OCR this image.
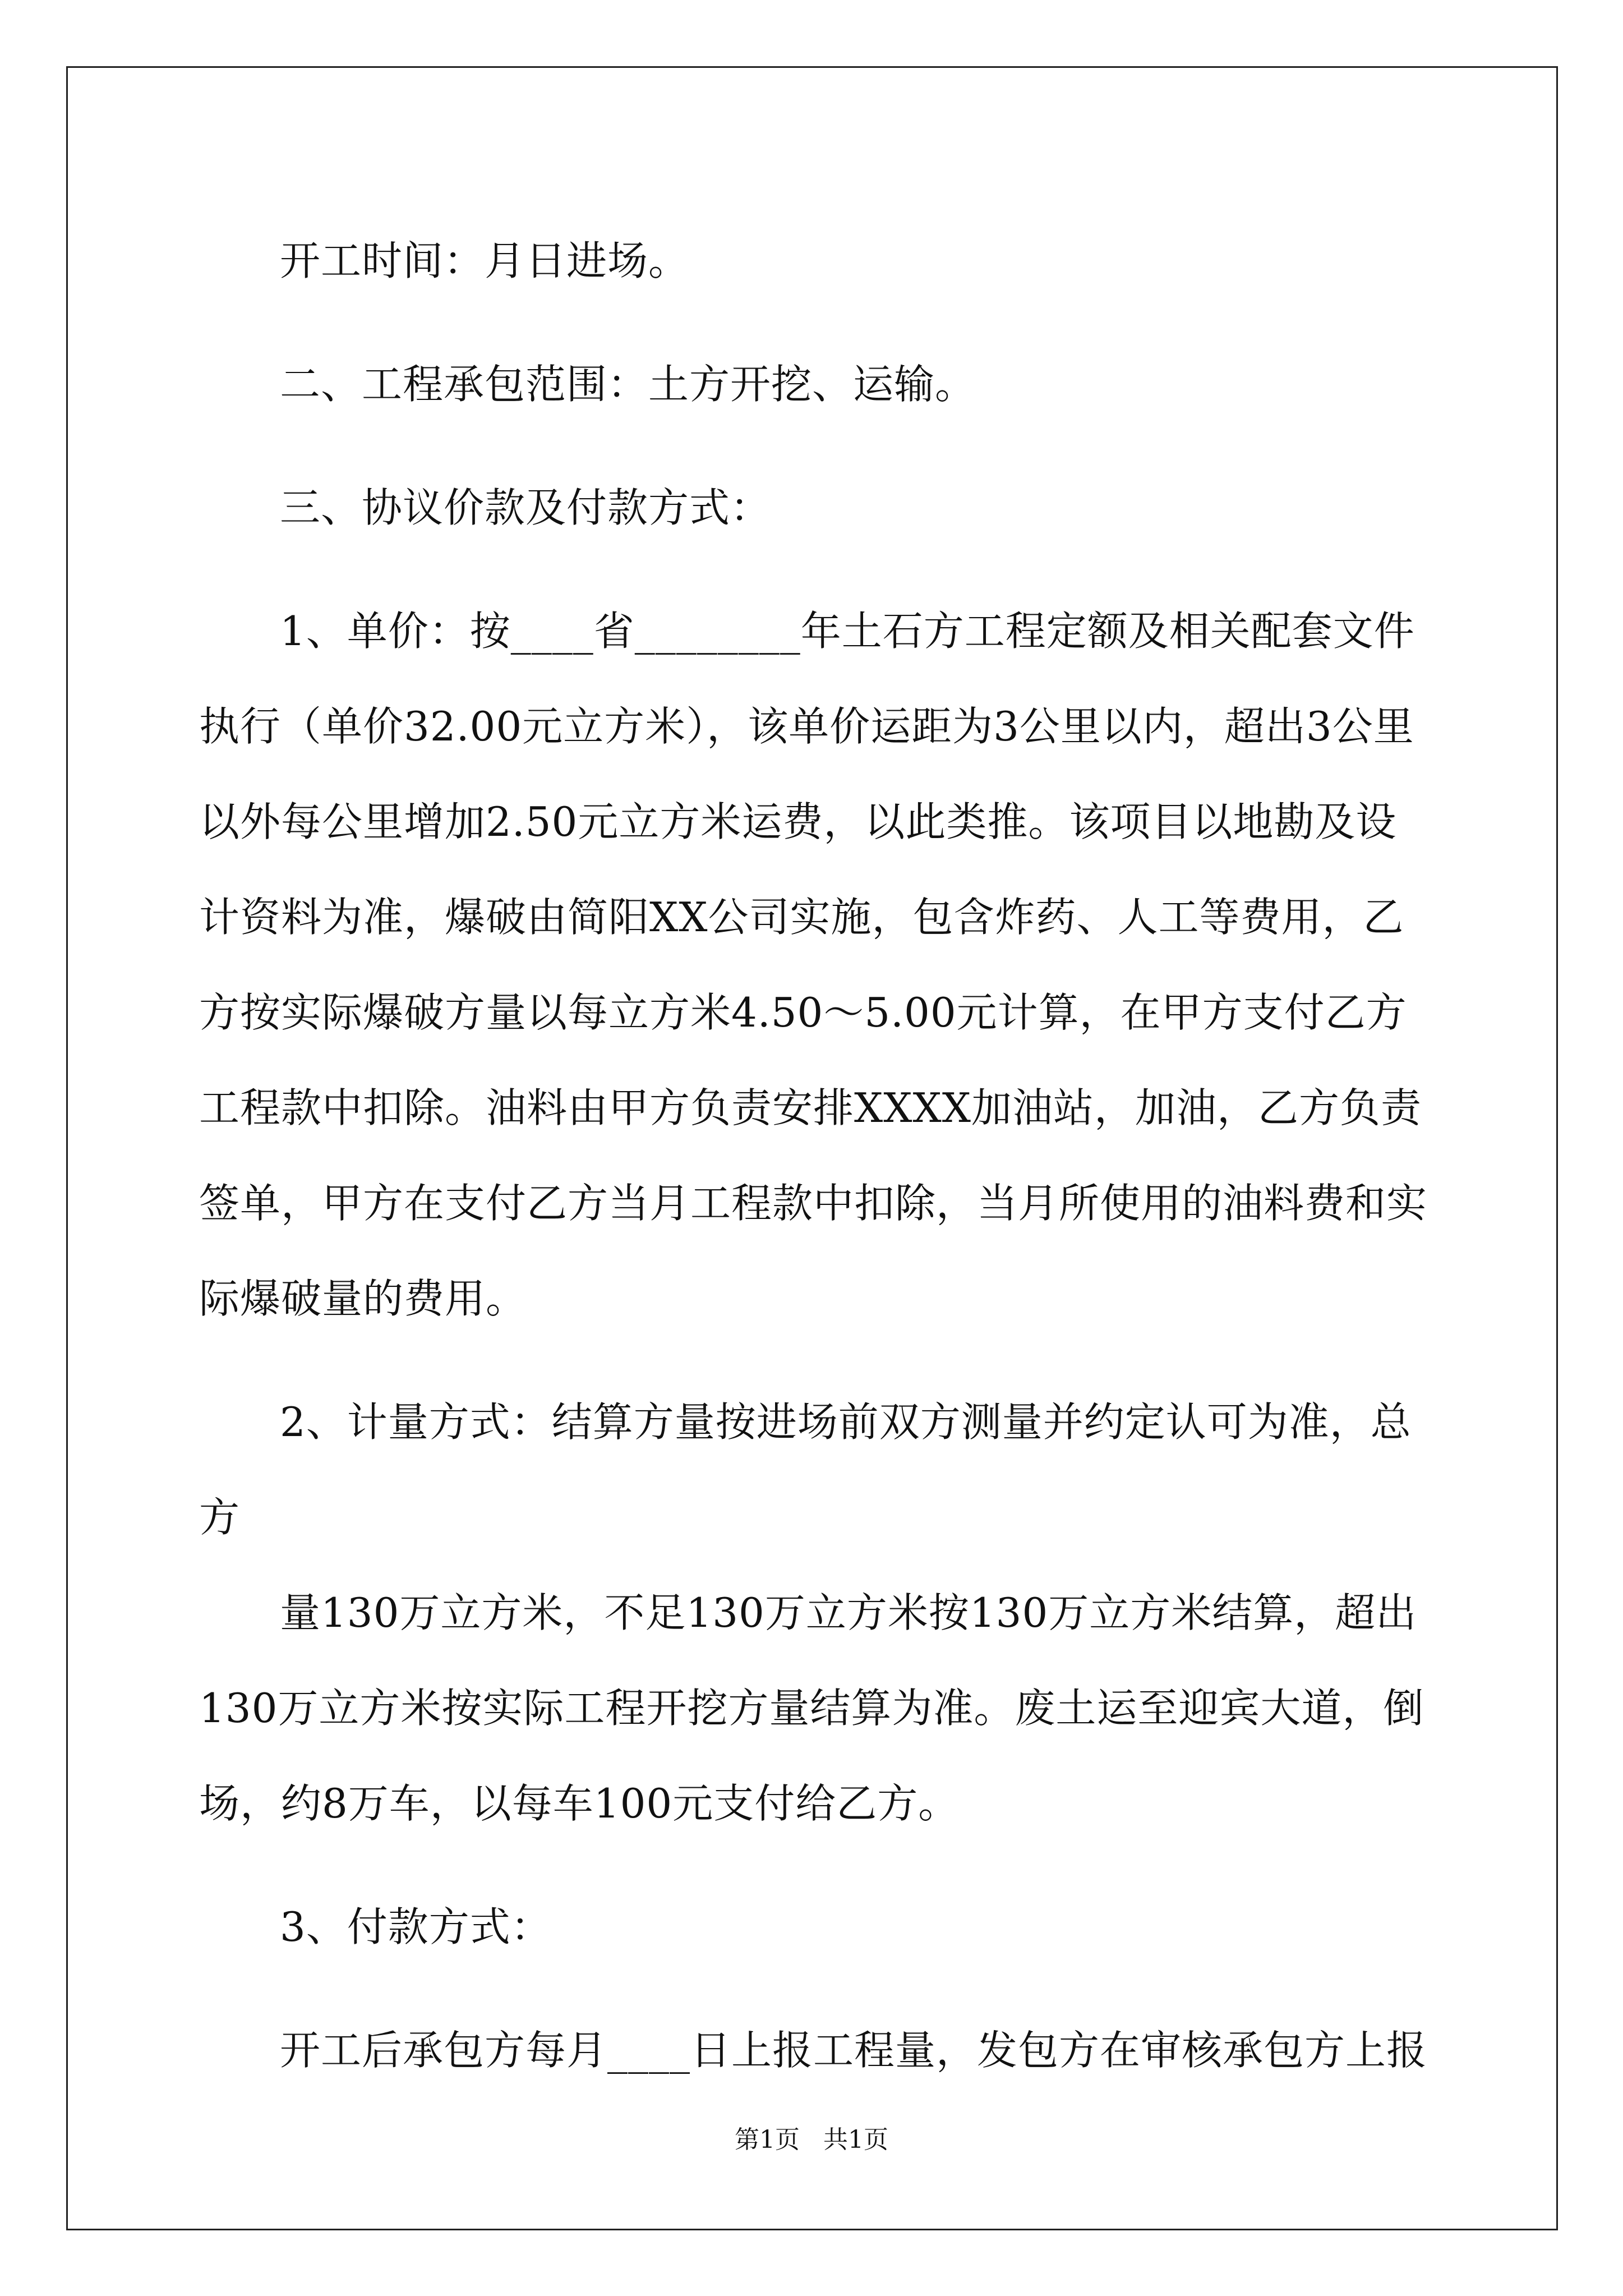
开工时间：月日进场。

二、工程承包范围：土方开挖、运输。

三、协议价款及付款方式：

1、单价：按____省________年土石方工程定额及相关配套文件执行（单价32.00元立方米），该单价运距为3公里以内，超出3公里以外每公里增加2.50元立方米运费，以此类推。该项目以地勘及设计资料为准，爆破由简阳XX公司实施，包含炸药、人工等费用，乙方按实际爆破方量以每立方米4.50～5.00元计算，在甲方支付乙方工程款中扣除。油料由甲方负责安排XXXX加油站，加油，乙方负责签单，甲方在支付乙方当月工程款中扣除，当月所使用的油料费和实际爆破量的费用。

2、计量方式：结算方量按进场前双方测量并约定认可为准，总方

量130万立方米，不足130万立方米按130万立方米结算，超出130万立方米按实际工程开挖方量结算为准。废土运至迎宾大道，倒场，约8万车，以每车100元支付给乙方。

3、付款方式：

开工后承包方每月____日上报工程量，发包方在审核承包方上报

第1页 共1页
